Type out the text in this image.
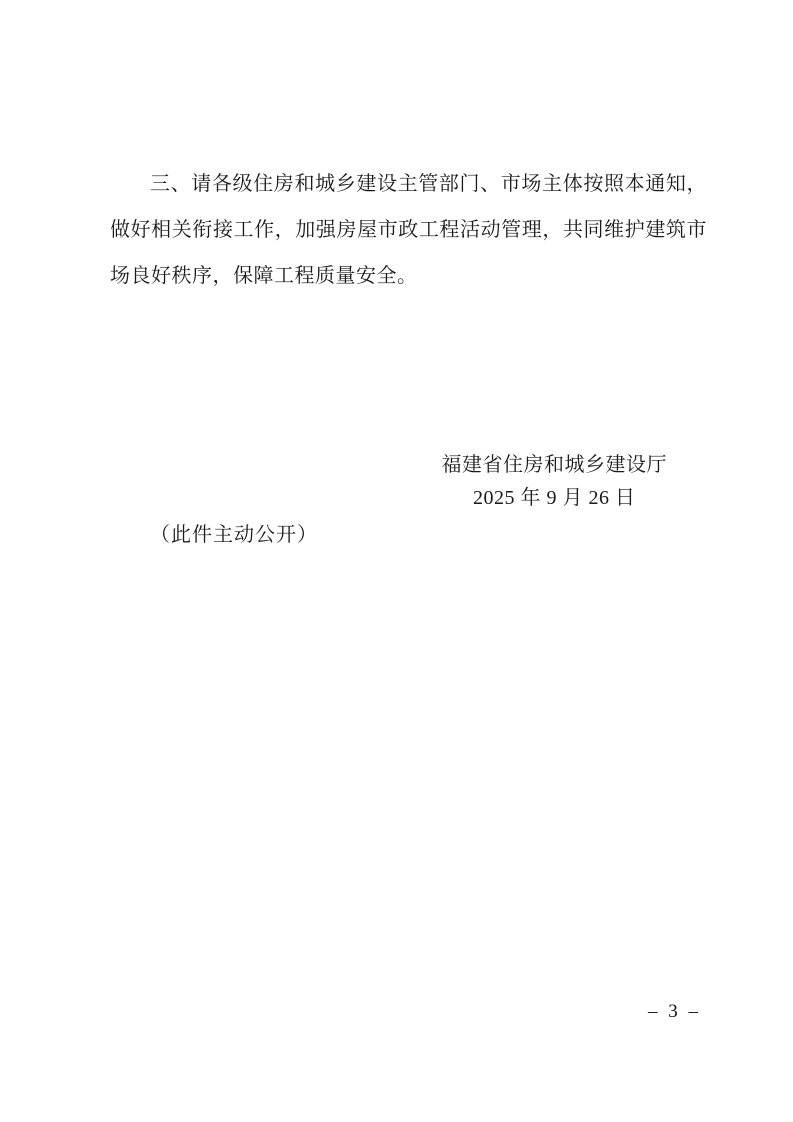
三、请各级住房和城乡建设主管部门、市场主体按照本通知，做好相关衔接工作，加强房屋市政工程活动管理，共同维护建筑市场良好秩序，保障工程质量安全。

福建省住房和城乡建设厅
2025 年 9 月 26 日
（此件主动公开）
– 3 –
